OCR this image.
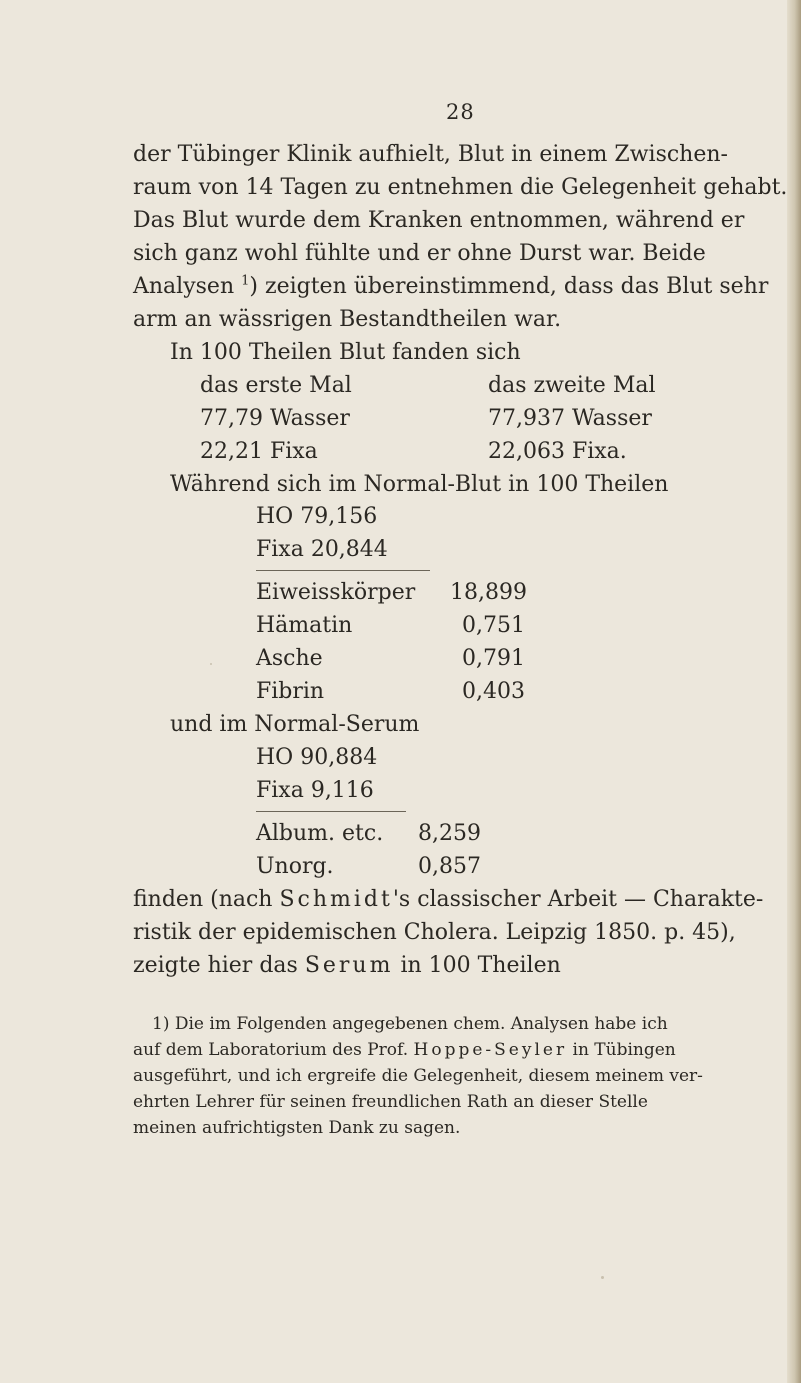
28
der Tübinger Klinik aufhielt, Blut in einem Zwischen-
raum von 14 Tagen zu entnehmen die Gelegenheit gehabt.
Das Blut wurde dem Kranken entnommen, während er
sich ganz wohl fühlte und er ohne Durst war. Beide
Analysen $^1$) zeigten übereinstimmend, dass das Blut sehr
arm an wässrigen Bestandtheilen war.
In 100 Theilen Blut fanden sich
das erste Mal	das zweite Mal
77,79 Wasser	77,937 Wasser
22,21 Fixa	22,063 Fixa.
Während sich im Normal-Blut in 100 Theilen
HO 79,156
Fixa 20,844
Eiweisskörper 18,899
Hämatin	0,751
Asche	0,791
Fibrin	0,403
und im Normal-Serum
HO 90,884
Fixa 9,116
Album. etc. 8,259
Unorg.	0,857
finden (nach Schmidt's classischer Arbeit — Charakte-
ristik der epidemischen Cholera. Leipzig 1850. p. 45),
zeigte hier das Serum in 100 Theilen
1) Die im Folgenden angegebenen chem. Analysen habe ich
auf dem Laboratorium des Prof. Hoppe-Seyler in Tübingen
ausgeführt, und ich ergreife die Gelegenheit, diesem meinem ver-
ehrten Lehrer für seinen freundlichen Rath an dieser Stelle
meinen aufrichtigsten Dank zu sagen.
